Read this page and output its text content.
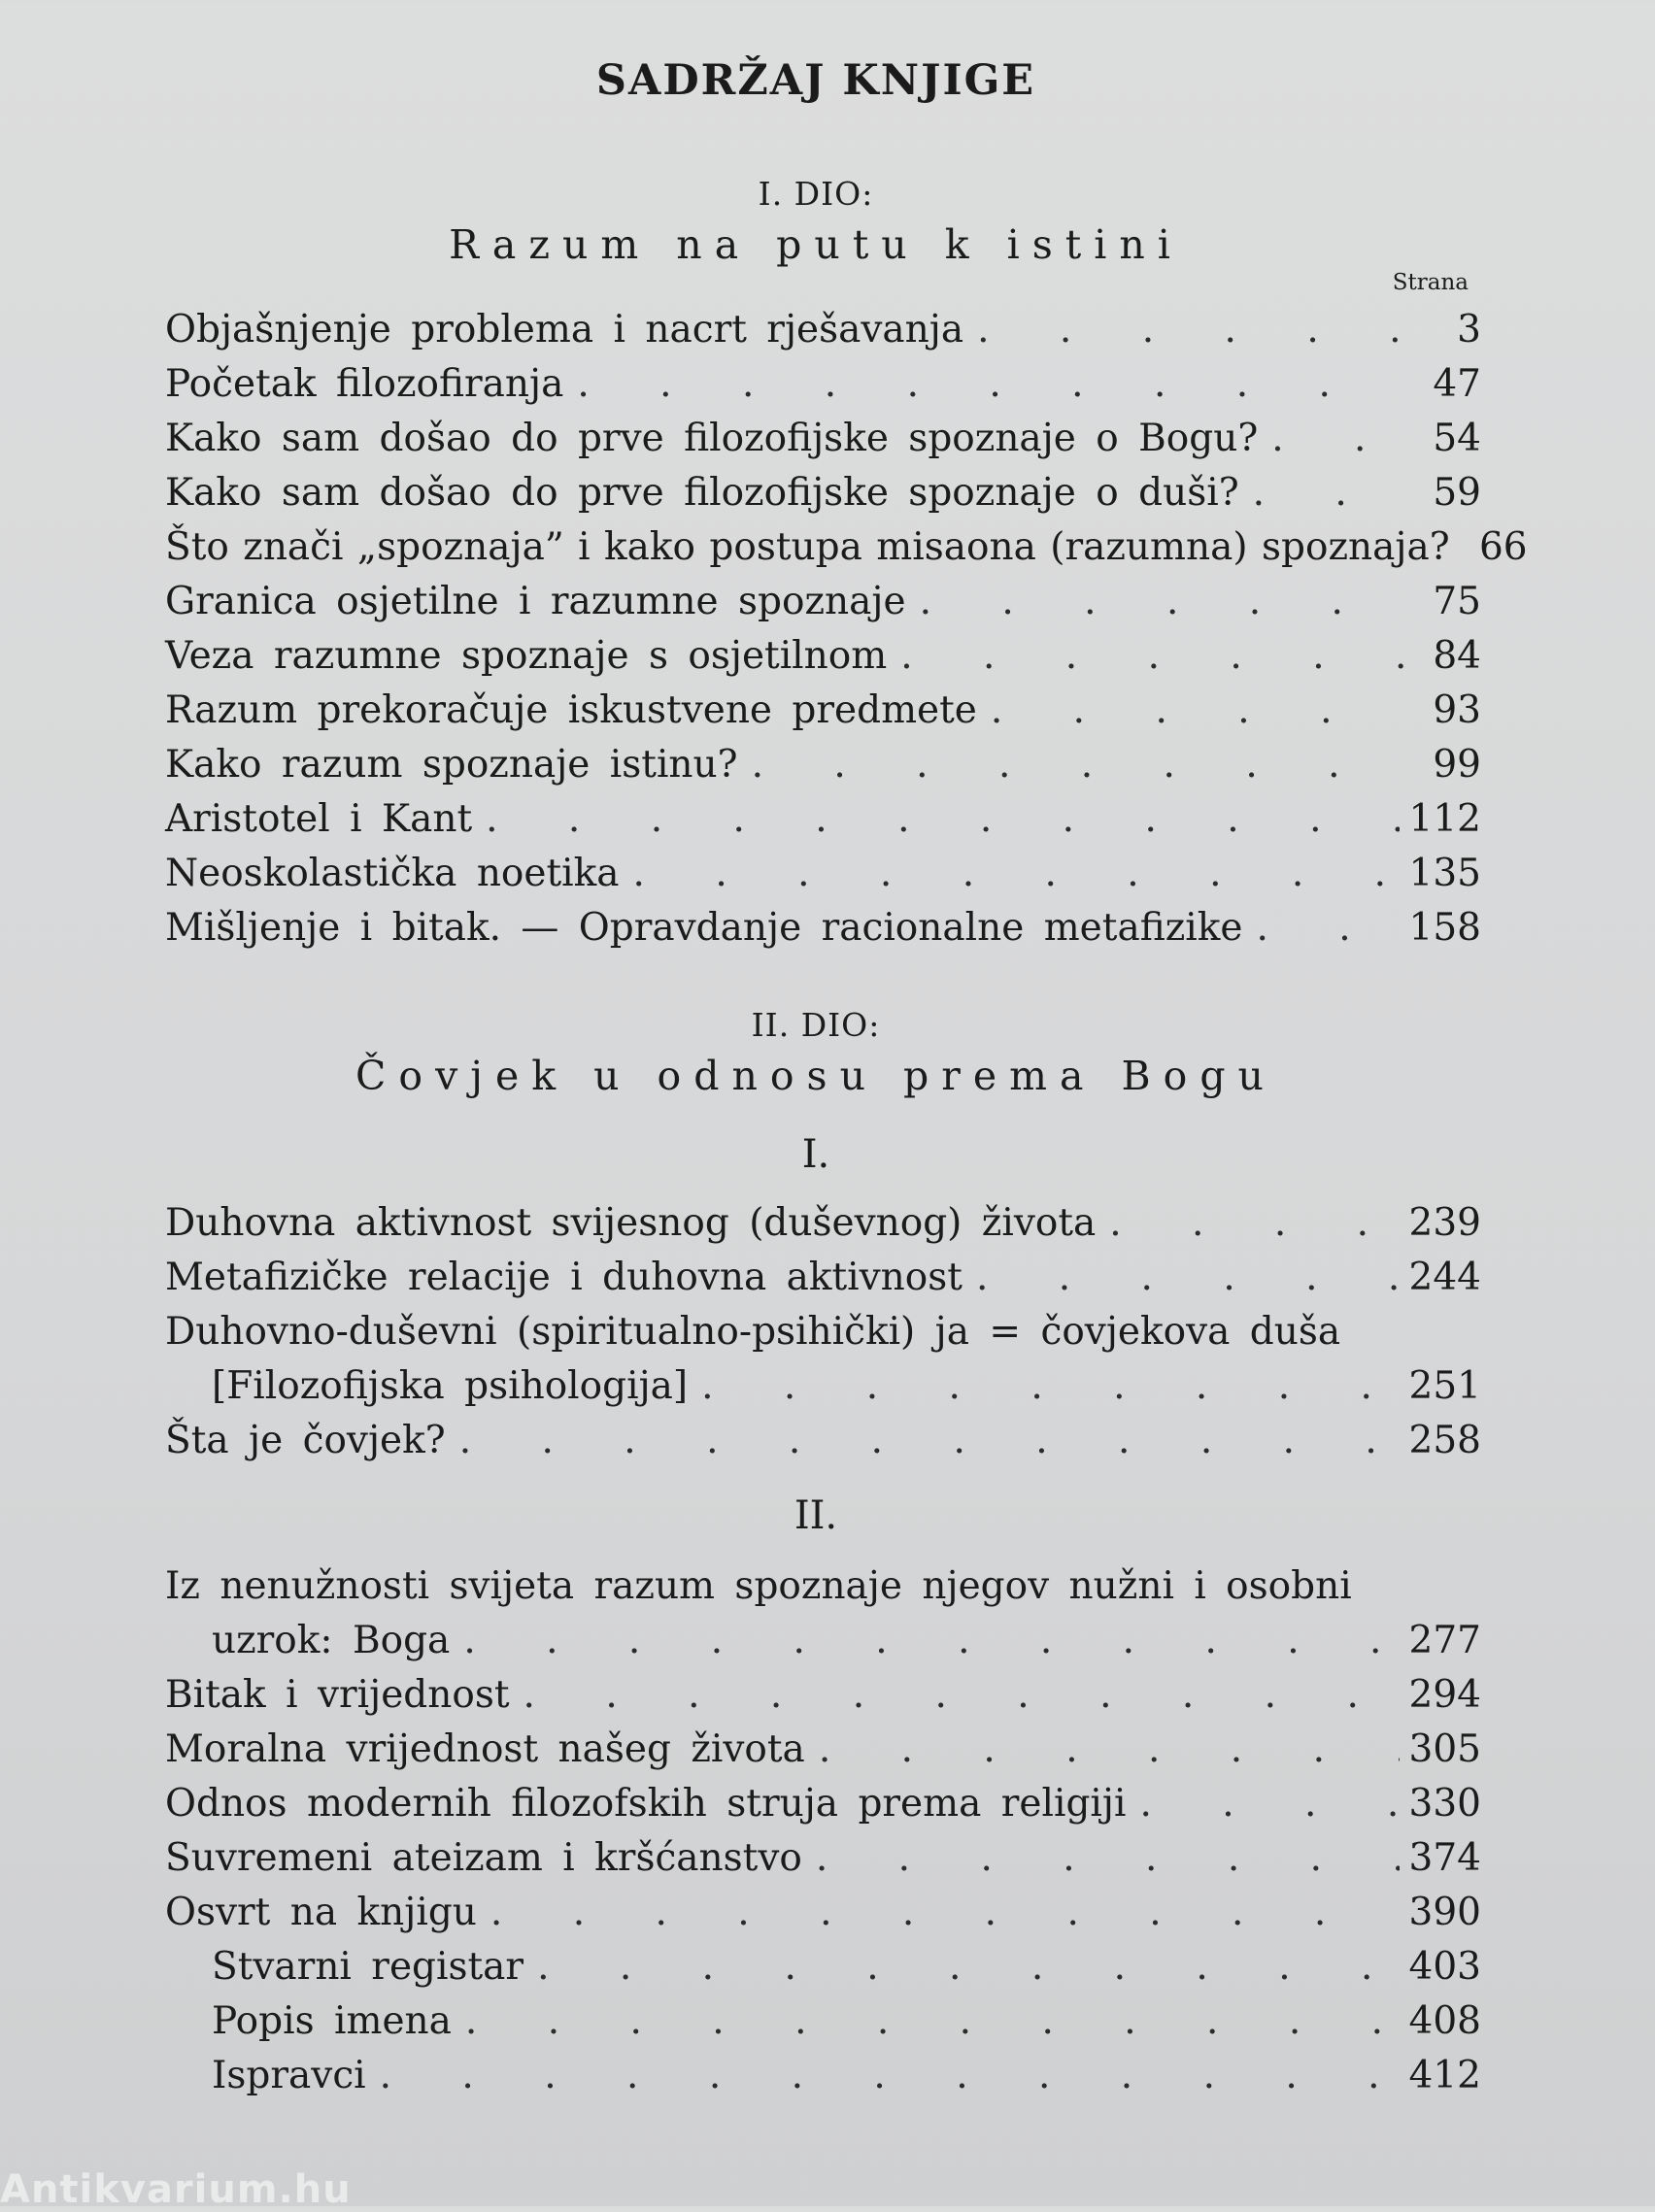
SADRŽAJ KNJIGE
I. DIO:
Razum na putu k istini
Strana
Objašnjenje problema i nacrt rješavanja . . .	3
Početak filozofiranja . . .	47
Kako sam došao do prve filozofijske spoznaje o Bogu? . . .	54
Kako sam došao do prve filozofijske spoznaje o duši? . . .	59
Što znači „spoznaja” i kako postupa misaona (razumna) spoznaja? 66
Granica osjetilne i razumne spoznaje . . .	75
Veza razumne spoznaje s osjetilnom . . .	84
Razum prekoračuje iskustvene predmete . . .	93
Kako razum spoznaje istinu? . . .	99
Aristotel i Kant . . .	112
Neoskolastička noetika . . .	135
Mišljenje i bitak. — Opravdanje racionalne metafizike . . .	158
II. DIO:
Čovjek u odnosu prema Bogu
I.
Duhovna aktivnost svijesnog (duševnog) života . . .	239
Metafizičke relacije i duhovna aktivnost . . .	244
Duhovno-duševni (spiritualno-psihički) ja = čovjekova duša
[Filozofijska psihologija] . . .	251
Šta je čovjek? . . .	258
II.
Iz nenužnosti svijeta razum spoznaje njegov nužni i osobni
uzrok: Boga . . .	277
Bitak i vrijednost . . .	294
Moralna vrijednost našeg života . . .	305
Odnos modernih filozofskih struja prema religiji . . .	330
Suvremeni ateizam i kršćanstvo . . .	374
Osvrt na knjigu . . .	390
Stvarni registar . . .	403
Popis imena . . .	408
Ispravci . . .	412
Antikvarium.hu
